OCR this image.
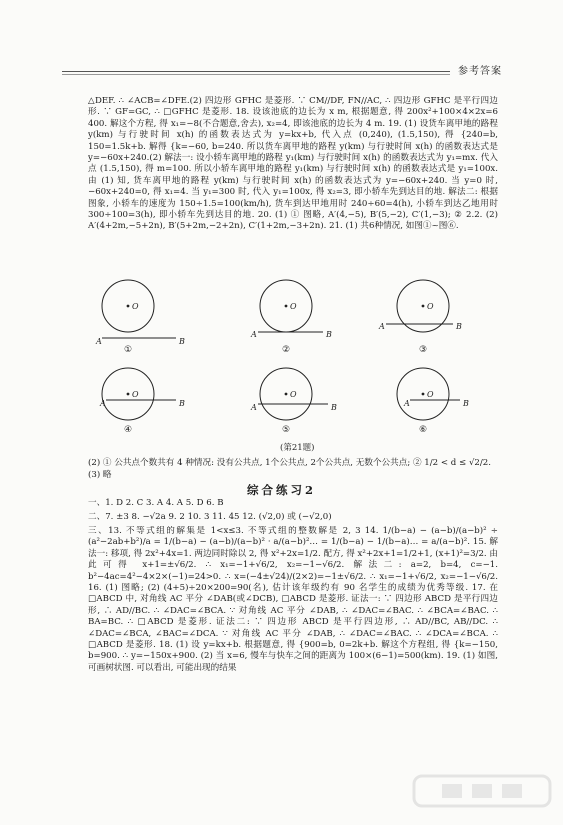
参考答案
△DEF. ∴ ∠ACB=∠DFE.(2) 四边形 GFHC 是菱形. ∵ CM//DF, FN//AC, ∴ 四边形 GFHC 是平行四边形. ∵ GF=GC, ∴ □GFHC 是菱形. 18. 设该池底的边长为 x m, 根据题意, 得 200x²+100×4×2x=6 400. 解这个方程, 得 x₁=−8(不合题意,舍去), x₂=4, 即该池底的边长为 4 m. 19. (1) 设货车离甲地的路程 y(km) 与行驶时间 x(h) 的函数表达式为 y=kx+b, 代入点 (0,240), (1.5,150), 得 {240=b, 150=1.5k+b. 解得 {k=−60, b=240. 所以货车离甲地的路程 y(km) 与行驶时间 x(h) 的函数表达式是 y=−60x+240.(2) 解法一: 设小轿车离甲地的路程 y₁(km) 与行驶时间 x(h) 的函数表达式为 y₁=mx. 代入点 (1.5,150), 得 m=100. 所以小轿车离甲地的路程 y₁(km) 与行驶时间 x(h) 的函数表达式是 y₁=100x. 由 (1) 知, 货车离甲地的路程 y(km) 与行驶时间 x(h) 的函数表达式为 y=−60x+240. 当 y=0 时, −60x+240=0, 得 x₁=4. 当 y₁=300 时, 代入 y₁=100x, 得 x₂=3, 即小轿车先到达目的地. 解法二: 根据图象, 小轿车的速度为 150÷1.5=100(km/h), 货车到达甲地用时 240÷60=4(h), 小轿车到达乙地用时 300÷100=3(h), 即小轿车先到达目的地. 20. (1) ① 图略, A′(4,−5), B′(5,−2), C′(1,−3); ② 2.2. (2) A′(4+2m,−5+2n), B′(5+2m,−2+2n), C′(1+2m,−3+2n). 21. (1) 共6种情况, 如图①~图⑥.
O	O	O
O	O	O
A	B
A	B
A	B
A	B	A	B	A	B
①	②	③
④	⑤	⑥
(第21题)
(2) ① 公共点个数共有 4 种情况: 没有公共点, 1个公共点, 2个公共点, 无数个公共点; ② 1/2 < d ≤ √2/2.
(3) 略
综合练习2
一、1. D 2. C 3. A 4. A 5. D 6. B
二、7. ±3 8. −√2a 9. 2 10. 3 11. 45 12. (√2,0) 或 (−√2,0)
三、13. 不等式组的解集是 1<x≤3. 不等式组的整数解是 2, 3 14. 1/(b−a) − (a−b)/(a−b)² ÷ (a²−2ab+b²)/a = 1/(b−a) − (a−b)/(a−b)² · a/(a−b)²… = 1/(b−a) − 1/(b−a)… = a/(a−b)². 15. 解法一: 移项, 得 2x²+4x=1. 两边同时除以 2, 得 x²+2x=1/2. 配方, 得 x²+2x+1=1/2+1, (x+1)²=3/2. 由此可得 x+1=±√6/2. ∴ x₁=−1+√6/2, x₂=−1−√6/2. 解法二: a=2, b=4, c=−1. b²−4ac=4²−4×2×(−1)=24>0. ∴ x=(−4±√24)/(2×2)=−1±√6/2. ∴ x₁=−1+√6/2, x₂=−1−√6/2. 16. (1) 图略; (2) (4+5)÷20×200=90(名), 估计该年级约有 90 名学生的成绩为优秀等级. 17. 在 □ABCD 中, 对角线 AC 平分 ∠DAB(或∠DCB), □ABCD 是菱形. 证法一: ∵ 四边形 ABCD 是平行四边形, ∴ AD//BC. ∴ ∠DAC=∠BCA. ∵ 对角线 AC 平分 ∠DAB, ∴ ∠DAC=∠BAC. ∴ ∠BCA=∠BAC. ∴ BA=BC. ∴ □ABCD 是菱形. 证法二: ∵ 四边形 ABCD 是平行四边形, ∴ AD//BC, AB//DC. ∴ ∠DAC=∠BCA, ∠BAC=∠DCA. ∵ 对角线 AC 平分 ∠DAB, ∴ ∠DAC=∠BAC. ∴ ∠DCA=∠BCA. ∴ □ABCD 是菱形. 18. (1) 设 y=kx+b. 根据题意, 得 {900=b, 0=2k+b. 解这个方程组, 得 {k=−150, b=900. ∴ y=−150x+900. (2) 当 x=6, 慢车与快车之间的距离为 100×(6−1)=500(km). 19. (1) 如图, 可画树状图. 可以看出, 可能出现的结果
